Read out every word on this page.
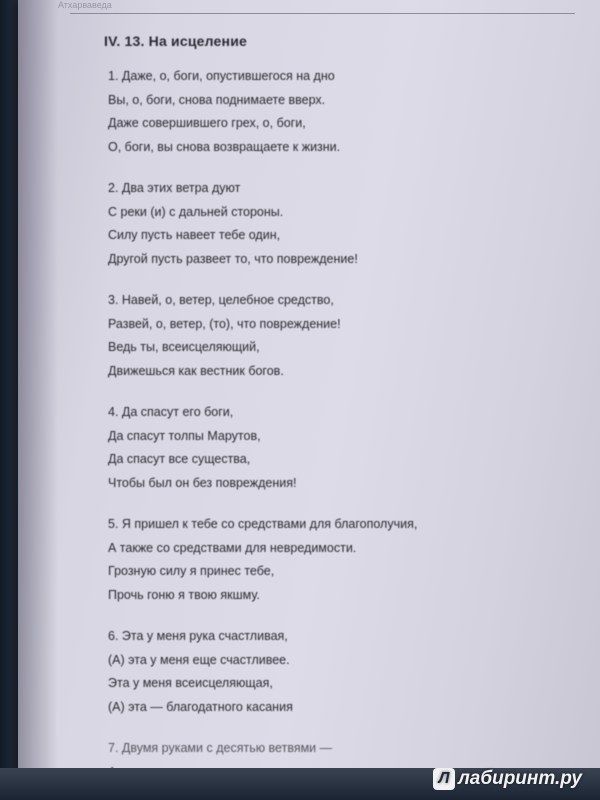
Атхарваведа

IV. 13. На исцеление
1. Даже, о, боги, опустившегося на дно
Вы, о, боги, снова поднимаете вверх.
Даже совершившего грех, о, боги,
О, боги, вы снова возвращаете к жизни.
2. Два этих ветра дуют
С реки (и) с дальней стороны.
Силу пусть навеет тебе один,
Другой пусть развеет то, что повреждение!
3. Навей, о, ветер, целебное средство,
Развей, о, ветер, (то), что повреждение!
Ведь ты, всеисцеляющий,
Движешься как вестник богов.
4. Да спасут его боги,
Да спасут толпы Марутов,
Да спасут все существа,
Чтобы был он без повреждения!
5. Я пришел к тебе со средствами для благополучия,
А также со средствами для невредимости.
Грозную силу я принес тебе,
Прочь гоню я твою якшму.
6. Эта у меня рука счастливая,
(А) эта у меня еще счастливее.
Эта у меня всеисцеляющая,
(А) эта — благодатного касания
7. Двумя руками с десятью ветвями —
Л лабиринт.ру
